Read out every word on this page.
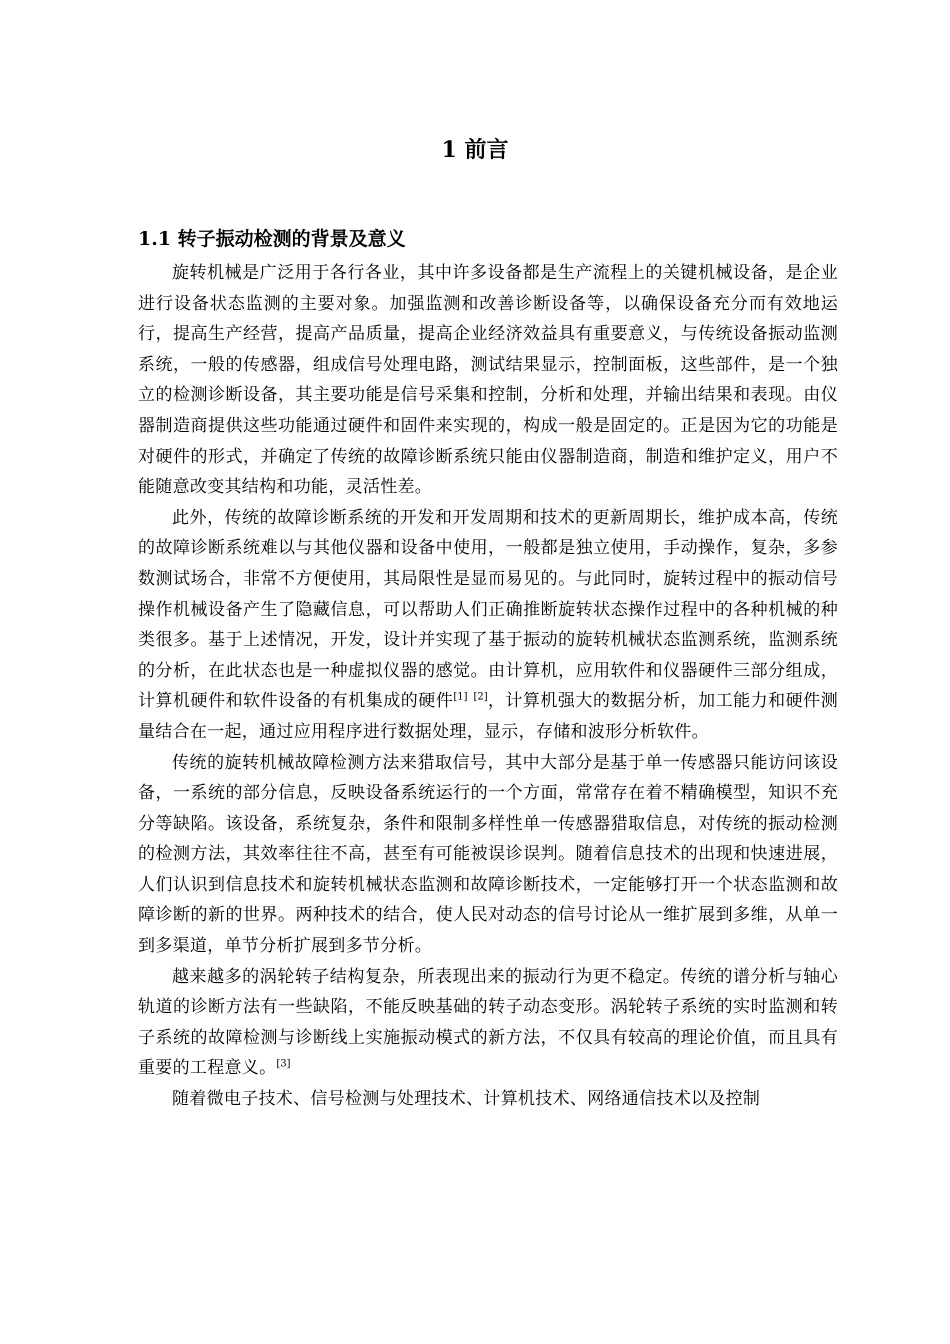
1 前言
1.1 转子振动检测的背景及意义

旋转机械是广泛用于各行各业，其中许多设备都是生产流程上的关键机械设备，是企业进行设备状态监测的主要对象。加强监测和改善诊断设备等，以确保设备充分而有效地运行，提高生产经营，提高产品质量，提高企业经济效益具有重要意义，与传统设备振动监测系统，一般的传感器，组成信号处理电路，测试结果显示，控制面板，这些部件，是一个独立的检测诊断设备，其主要功能是信号采集和控制，分析和处理，并输出结果和表现。由仪器制造商提供这些功能通过硬件和固件来实现的，构成一般是固定的。正是因为它的功能是对硬件的形式，并确定了传统的故障诊断系统只能由仪器制造商，制造和维护定义，用户不能随意改变其结构和功能，灵活性差。

此外，传统的故障诊断系统的开发和开发周期和技术的更新周期长，维护成本高，传统的故障诊断系统难以与其他仪器和设备中使用，一般都是独立使用，手动操作，复杂，多参数测试场合，非常不方便使用，其局限性是显而易见的。与此同时，旋转过程中的振动信号操作机械设备产生了隐藏信息，可以帮助人们正确推断旋转状态操作过程中的各种机械的种类很多。基于上述情况，开发，设计并实现了基于振动的旋转机械状态监测系统，监测系统的分析，在此状态也是一种虚拟仪器的感觉。由计算机，应用软件和仪器硬件三部分组成，计算机硬件和软件设备的有机集成的硬件[1] [2]，计算机强大的数据分析，加工能力和硬件测量结合在一起，通过应用程序进行数据处理，显示，存储和波形分析软件。

传统的旋转机械故障检测方法来猎取信号，其中大部分是基于单一传感器只能访问该设备，一系统的部分信息，反映设备系统运行的一个方面，常常存在着不精确模型，知识不充分等缺陷。该设备，系统复杂，条件和限制多样性单一传感器猎取信息，对传统的振动检测的检测方法，其效率往往不高，甚至有可能被误诊误判。随着信息技术的出现和快速进展，人们认识到信息技术和旋转机械状态监测和故障诊断技术，一定能够打开一个状态监测和故障诊断的新的世界。两种技术的结合，使人民对动态的信号讨论从一维扩展到多维，从单一到多渠道，单节分析扩展到多节分析。

越来越多的涡轮转子结构复杂，所表现出来的振动行为更不稳定。传统的谱分析与轴心轨道的诊断方法有一些缺陷，不能反映基础的转子动态变形。涡轮转子系统的实时监测和转子系统的故障检测与诊断线上实施振动模式的新方法，不仅具有较高的理论价值，而且具有重要的工程意义。[3]

随着微电子技术、信号检测与处理技术、计算机技术、网络通信技术以及控制
